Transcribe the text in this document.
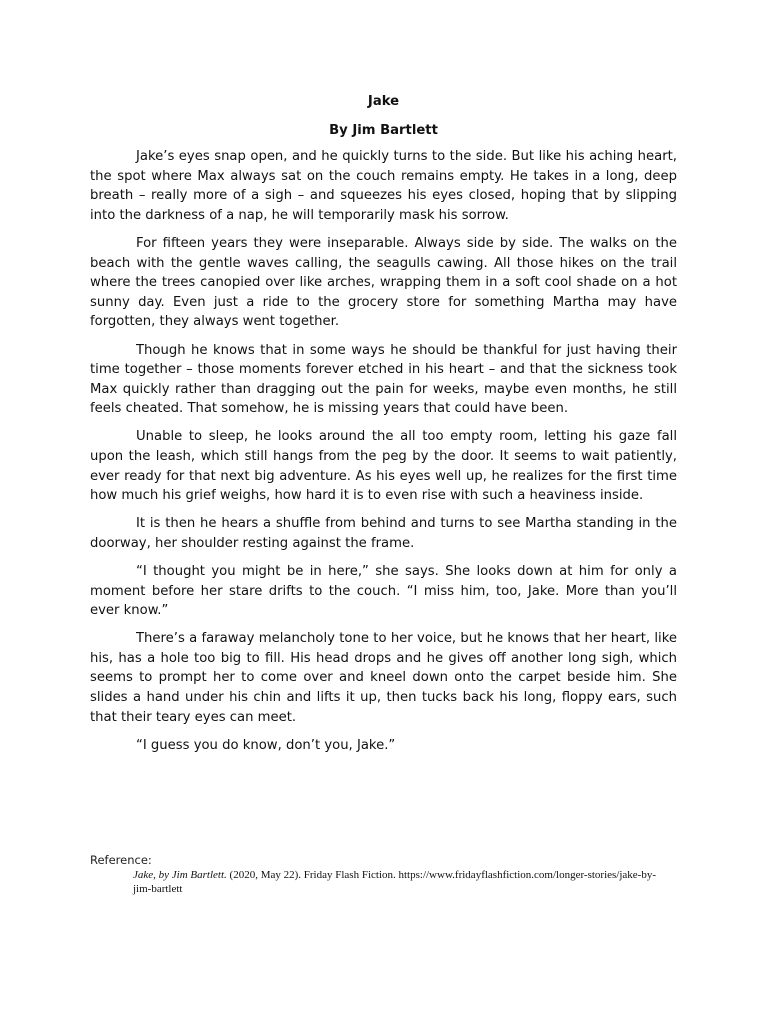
Jake
By Jim Bartlett

Jake’s eyes snap open, and he quickly turns to the side. But like his aching heart, the spot where Max always sat on the couch remains empty. He takes in a long, deep breath – really more of a sigh – and squeezes his eyes closed, hoping that by slipping into the darkness of a nap, he will temporarily mask his sorrow.

For fifteen years they were inseparable. Always side by side. The walks on the beach with the gentle waves calling, the seagulls cawing. All those hikes on the trail where the trees canopied over like arches, wrapping them in a soft cool shade on a hot sunny day. Even just a ride to the grocery store for something Martha may have forgotten, they always went together.

Though he knows that in some ways he should be thankful for just having their time together – those moments forever etched in his heart – and that the sickness took Max quickly rather than dragging out the pain for weeks, maybe even months, he still feels cheated. That somehow, he is missing years that could have been.

Unable to sleep, he looks around the all too empty room, letting his gaze fall upon the leash, which still hangs from the peg by the door. It seems to wait patiently, ever ready for that next big adventure. As his eyes well up, he realizes for the first time how much his grief weighs, how hard it is to even rise with such a heaviness inside.

It is then he hears a shuffle from behind and turns to see Martha standing in the doorway, her shoulder resting against the frame.

“I thought you might be in here,” she says. She looks down at him for only a moment before her stare drifts to the couch. “I miss him, too, Jake. More than you’ll ever know.”

There’s a faraway melancholy tone to her voice, but he knows that her heart, like his, has a hole too big to fill. His head drops and he gives off another long sigh, which seems to prompt her to come over and kneel down onto the carpet beside him. She slides a hand under his chin and lifts it up, then tucks back his long, floppy ears, such that their teary eyes can meet.

“I guess you do know, don’t you, Jake.”

Reference:
Jake, by Jim Bartlett. (2020, May 22). Friday Flash Fiction. https://www.fridayflashfiction.com/longer-stories/jake-by-jim-bartlett
